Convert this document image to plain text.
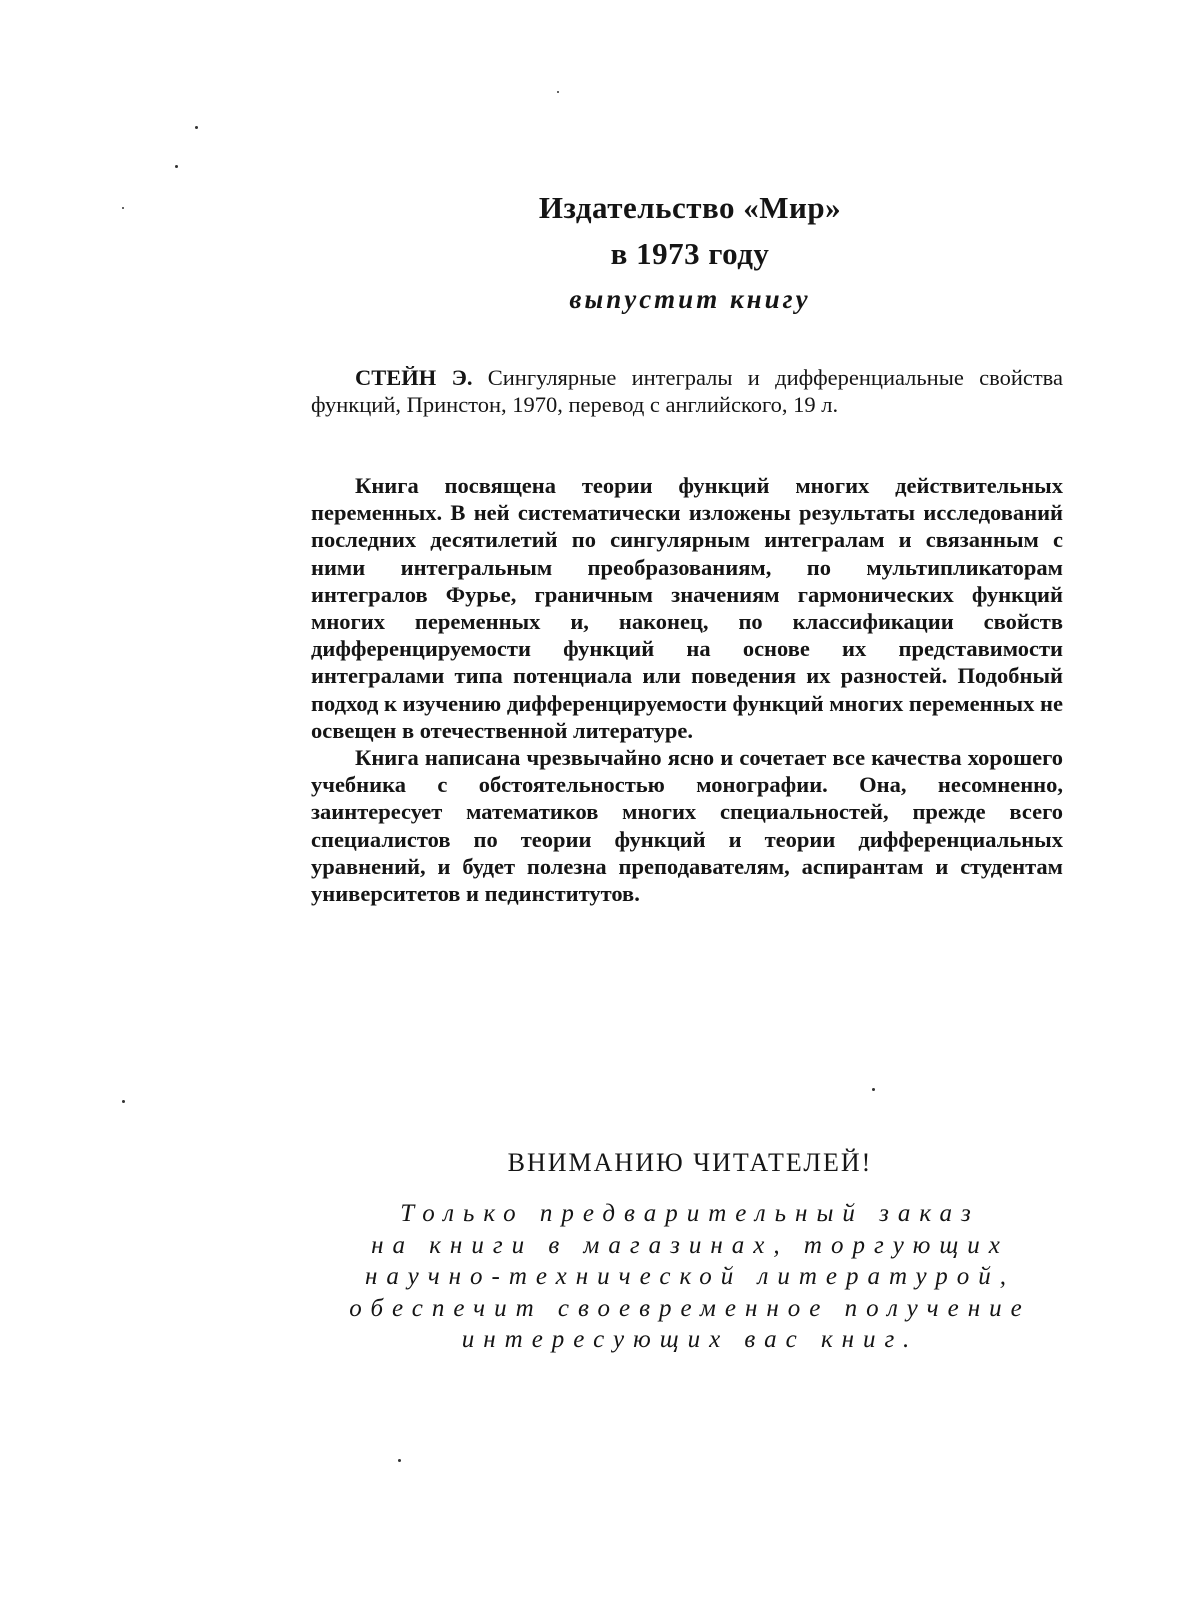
Издательство «Мир»
в 1973 году
выпустит книгу

СТЕЙН Э. Сингулярные интегралы и дифференциальные свойства функций, Принстон, 1970, перевод с английского, 19 л.

Книга посвящена теории функций многих действительных переменных. В ней систематически изложены результаты исследований последних десятилетий по сингулярным интегралам и связанным с ними интегральным преобразованиям, по мультипликаторам интегралов Фурье, граничным значениям гармонических функций многих переменных и, наконец, по классификации свойств дифференцируемости функций на основе их представимости интегралами типа потенциала или поведения их разностей. Подобный подход к изучению дифференцируемости функций многих переменных не освещен в отечественной литературе.

Книга написана чрезвычайно ясно и сочетает все качества хорошего учебника с обстоятельностью монографии. Она, несомненно, заинтересует математиков многих специальностей, прежде всего специалистов по теории функций и теории дифференциальных уравнений, и будет полезна преподавателям, аспирантам и студентам университетов и пединститутов.

ВНИМАНИЮ ЧИТАТЕЛЕЙ!
Только предварительный заказ
на книги в магазинах, торгующих
научно-технической литературой,
обеспечит своевременное получение
интересующих вас книг.
